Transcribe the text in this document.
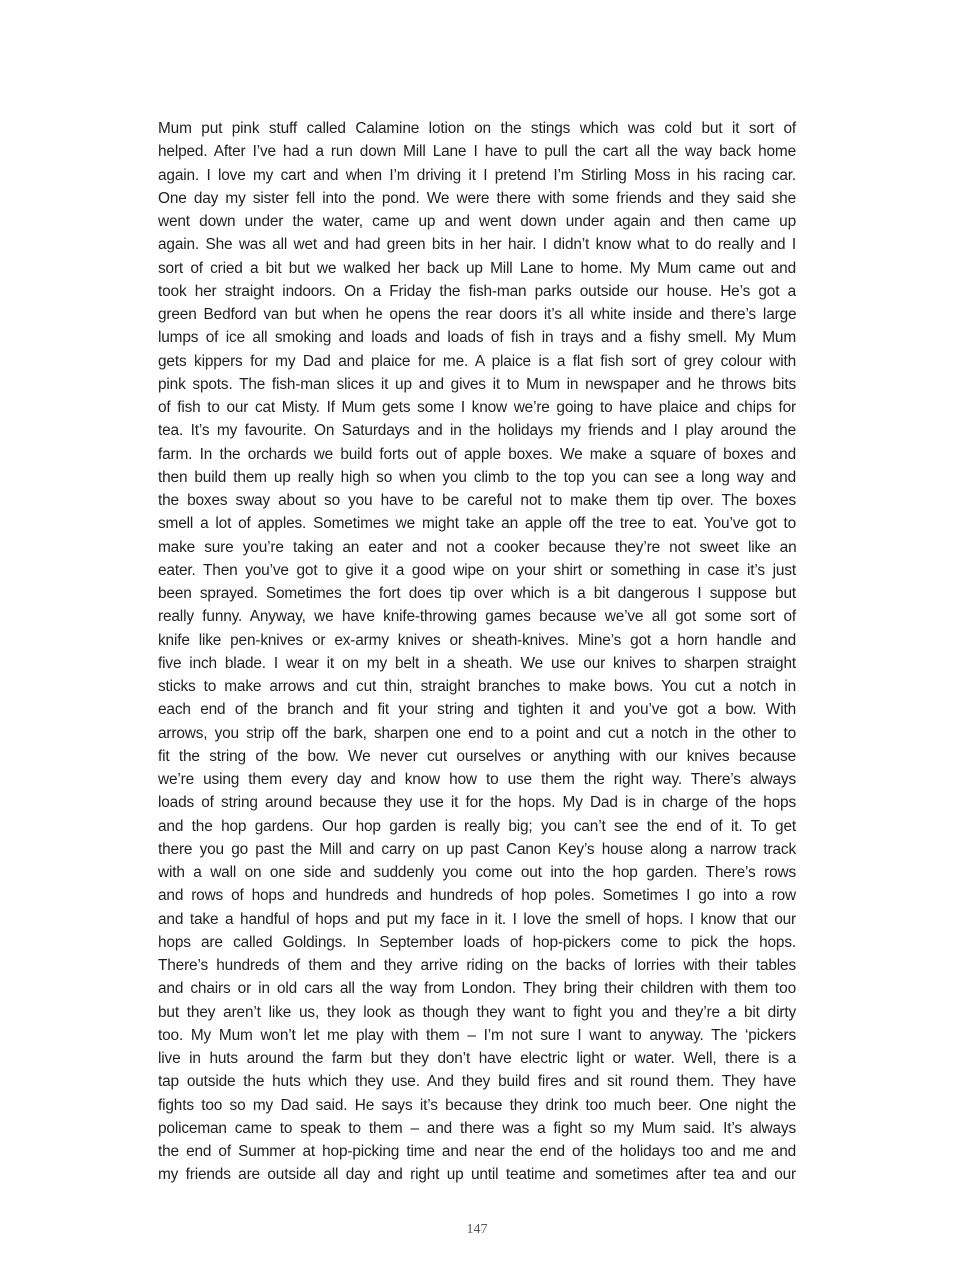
Mum put pink stuff called Calamine lotion on the stings which was cold but it sort of
helped. After I’ve had a run down Mill Lane I have to pull the cart all the way back home
again. I love my cart and when I’m driving it I pretend I’m Stirling Moss in his racing car.
One day my sister fell into the pond. We were there with some friends and they said she
went down under the water, came up and went down under again and then came up
again. She was all wet and had green bits in her hair. I didn’t know what to do really and I
sort of cried a bit but we walked her back up Mill Lane to home. My Mum came out and
took her straight indoors. On a Friday the fish-man parks outside our house. He’s got a
green Bedford van but when he opens the rear doors it’s all white inside and there’s large
lumps of ice all smoking and loads and loads of fish in trays and a fishy smell. My Mum
gets kippers for my Dad and plaice for me. A plaice is a flat fish sort of grey colour with
pink spots. The fish-man slices it up and gives it to Mum in newspaper and he throws bits
of fish to our cat Misty. If Mum gets some I know we’re going to have plaice and chips for
tea. It’s my favourite. On Saturdays and in the holidays my friends and I play around the
farm. In the orchards we build forts out of apple boxes. We make a square of boxes and
then build them up really high so when you climb to the top you can see a long way and
the boxes sway about so you have to be careful not to make them tip over. The boxes
smell a lot of apples. Sometimes we might take an apple off the tree to eat. You’ve got to
make sure you’re taking an eater and not a cooker because they’re not sweet like an
eater. Then you’ve got to give it a good wipe on your shirt or something in case it’s just
been sprayed. Sometimes the fort does tip over which is a bit dangerous I suppose but
really funny. Anyway, we have knife-throwing games because we’ve all got some sort of
knife like pen-knives or ex-army knives or sheath-knives. Mine’s got a horn handle and
five inch blade. I wear it on my belt in a sheath. We use our knives to sharpen straight
sticks to make arrows and cut thin, straight branches to make bows. You cut a notch in
each end of the branch and fit your string and tighten it and you’ve got a bow. With
arrows, you strip off the bark, sharpen one end to a point and cut a notch in the other to
fit the string of the bow. We never cut ourselves or anything with our knives because
we’re using them every day and know how to use them the right way. There’s always
loads of string around because they use it for the hops. My Dad is in charge of the hops
and the hop gardens. Our hop garden is really big; you can’t see the end of it. To get
there you go past the Mill and carry on up past Canon Key’s house along a narrow track
with a wall on one side and suddenly you come out into the hop garden. There’s rows
and rows of hops and hundreds and hundreds of hop poles. Sometimes I go into a row
and take a handful of hops and put my face in it. I love the smell of hops. I know that our
hops are called Goldings. In September loads of hop-pickers come to pick the hops.
There’s hundreds of them and they arrive riding on the backs of lorries with their tables
and chairs or in old cars all the way from London. They bring their children with them too
but they aren’t like us, they look as though they want to fight you and they’re a bit dirty
too. My Mum won’t let me play with them – I’m not sure I want to anyway. The ‘pickers
live in huts around the farm but they don’t have electric light or water. Well, there is a
tap outside the huts which they use. And they build fires and sit round them. They have
fights too so my Dad said. He says it’s because they drink too much beer. One night the
policeman came to speak to them – and there was a fight so my Mum said. It’s always
the end of Summer at hop-picking time and near the end of the holidays too and me and
my friends are outside all day and right up until teatime and sometimes after tea and our
147
